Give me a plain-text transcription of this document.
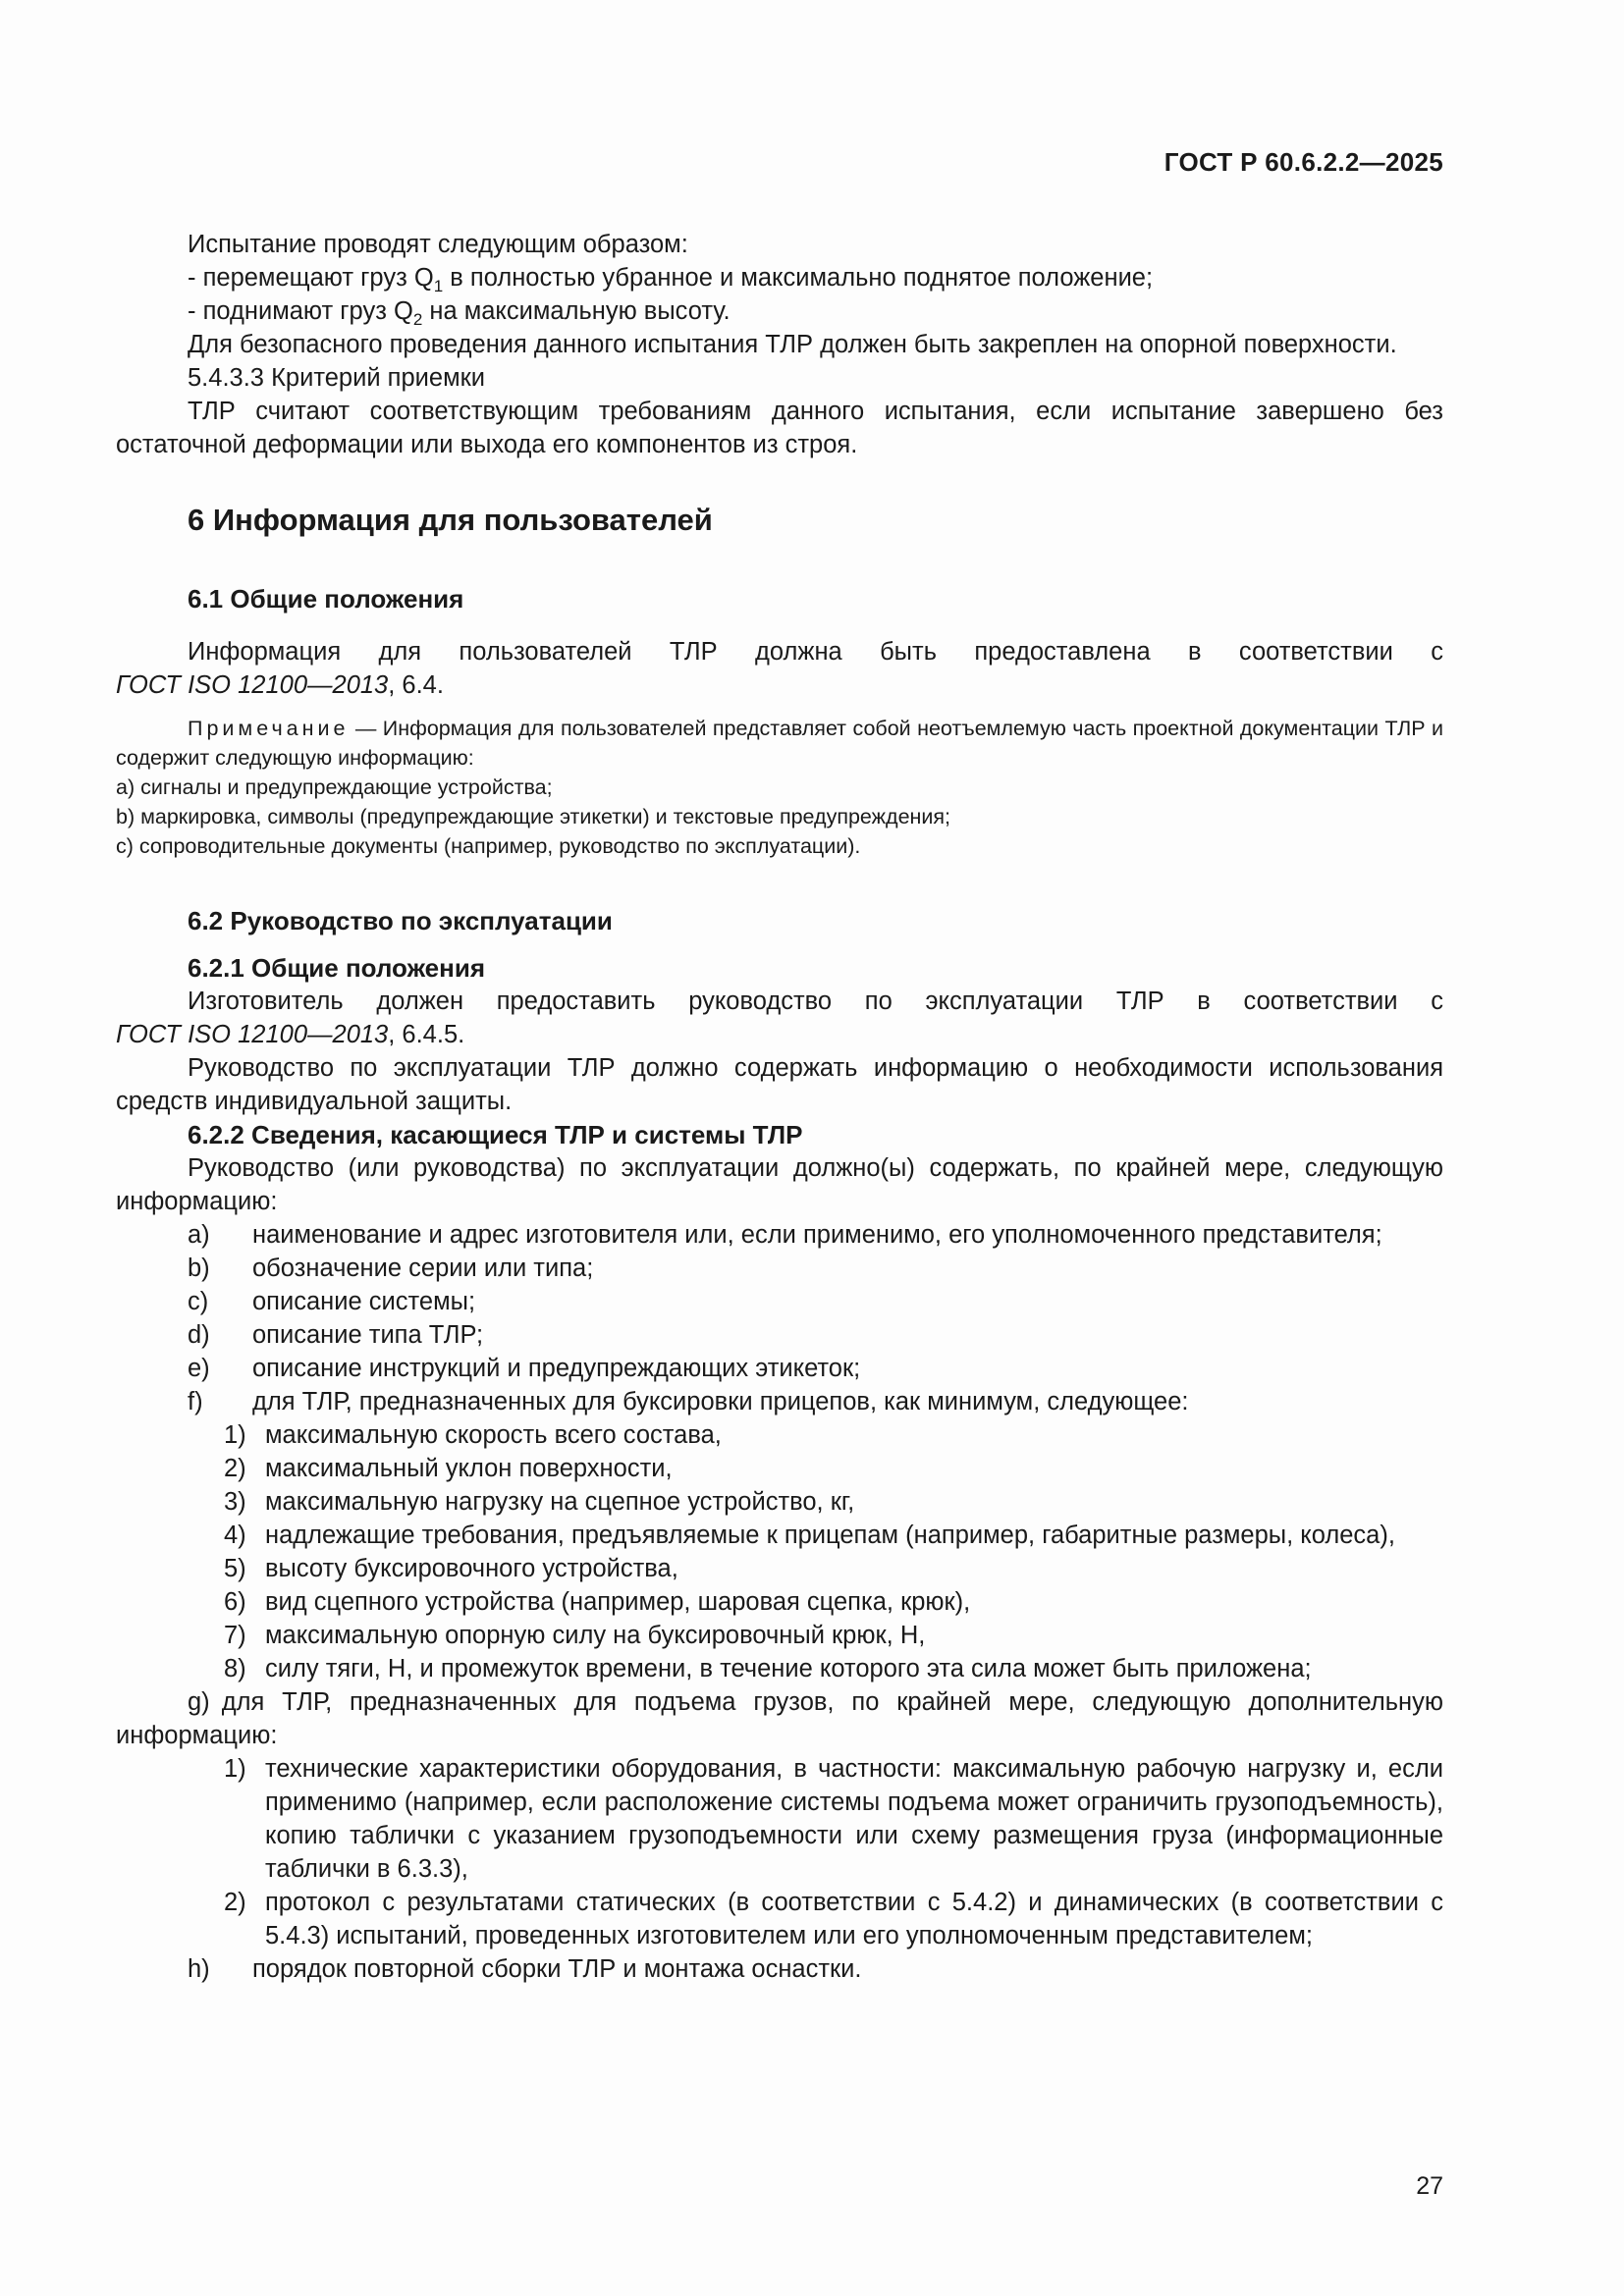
ГОСТ Р 60.6.2.2—2025

Испытание проводят следующим образом:

- перемещают груз $Q_1$ в полностью убранное и максимально поднятое положение;

- поднимают груз $Q_2$ на максимальную высоту.

Для безопасного проведения данного испытания ТЛР должен быть закреплен на опорной поверхности.

5.4.3.3 Критерий приемки

ТЛР считают соответствующим требованиям данного испытания, если испытание завершено без остаточной деформации или выхода его компонентов из строя.

6 Информация для пользователей
6.1 Общие положения

Информация для пользователей ТЛР должна быть предоставлена в соответствии с

ГОСТ ISO 12100—2013, 6.4.

Примечание — Информация для пользователей представляет собой неотъемлемую часть проектной документации ТЛР и содержит следующую информацию:

а) сигналы и предупреждающие устройства;

b) маркировка, символы (предупреждающие этикетки) и текстовые предупреждения;

с) сопроводительные документы (например, руководство по эксплуатации).

6.2 Руководство по эксплуатации
6.2.1 Общие положения

Изготовитель должен предоставить руководство по эксплуатации ТЛР в соответствии с

ГОСТ ISO 12100—2013, 6.4.5.

Руководство по эксплуатации ТЛР должно содержать информацию о необходимости использования средств индивидуальной защиты.

6.2.2 Сведения, касающиеся ТЛР и системы ТЛР

Руководство (или руководства) по эксплуатации должно(ы) содержать, по крайней мере, следующую информацию:

a) наименование и адрес изготовителя или, если применимо, его уполномоченного представителя;

b) обозначение серии или типа;

c) описание системы;

d) описание типа ТЛР;

e) описание инструкций и предупреждающих этикеток;

f) для ТЛР, предназначенных для буксировки прицепов, как минимум, следующее:

1) максимальную скорость всего состава,

2) максимальный уклон поверхности,

3) максимальную нагрузку на сцепное устройство, кг,

4) надлежащие требования, предъявляемые к прицепам (например, габаритные размеры, колеса),

5) высоту буксировочного устройства,

6) вид сцепного устройства (например, шаровая сцепка, крюк),

7) максимальную опорную силу на буксировочный крюк, Н,

8) силу тяги, Н, и промежуток времени, в течение которого эта сила может быть приложена;

g) для ТЛР, предназначенных для подъема грузов, по крайней мере, следующую дополнительную информацию:

1) технические характеристики оборудования, в частности: максимальную рабочую нагрузку и, если применимо (например, если расположение системы подъема может ограничить грузоподъемность), копию таблички с указанием грузоподъемности или схему размещения груза (информационные таблички в 6.3.3),

2) протокол с результатами статических (в соответствии с 5.4.2) и динамических (в соответствии с 5.4.3) испытаний, проведенных изготовителем или его уполномоченным представителем;

h) порядок повторной сборки ТЛР и монтажа оснастки.

27
